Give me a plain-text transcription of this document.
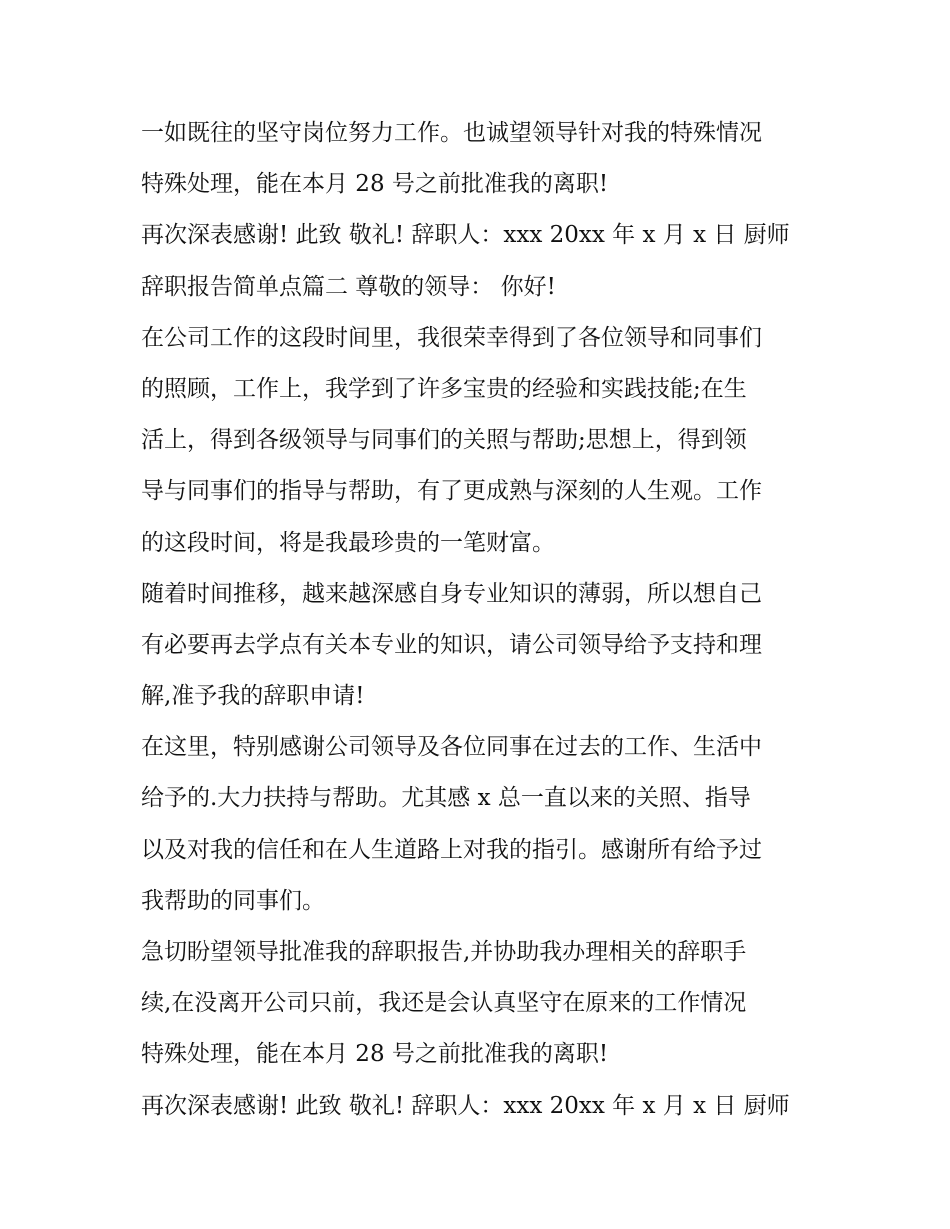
一如既往的坚守岗位努力工作。也诚望领导针对我的特殊情况
特殊处理，能在本月 28 号之前批准我的离职!
再次深表感谢! 此致 敬礼! 辞职人：xxx 20xx 年 x 月 x 日 厨师
辞职报告简单点篇二 尊敬的领导： 你好!
在公司工作的这段时间里，我很荣幸得到了各位领导和同事们
的照顾，工作上，我学到了许多宝贵的经验和实践技能;在生
活上，得到各级领导与同事们的关照与帮助;思想上，得到领
导与同事们的指导与帮助，有了更成熟与深刻的人生观。工作
的这段时间，将是我最珍贵的一笔财富。
随着时间推移，越来越深感自身专业知识的薄弱，所以想自己
有必要再去学点有关本专业的知识，请公司领导给予支持和理
解,准予我的辞职申请!
在这里，特别感谢公司领导及各位同事在过去的工作、生活中
给予的.大力扶持与帮助。尤其感 x 总一直以来的关照、指导
以及对我的信任和在人生道路上对我的指引。感谢所有给予过
我帮助的同事们。
急切盼望领导批准我的辞职报告,并协助我办理相关的辞职手
续,在没离开公司只前，我还是会认真坚守在原来的工作情况
特殊处理，能在本月 28 号之前批准我的离职!
再次深表感谢! 此致 敬礼! 辞职人：xxx 20xx 年 x 月 x 日 厨师
